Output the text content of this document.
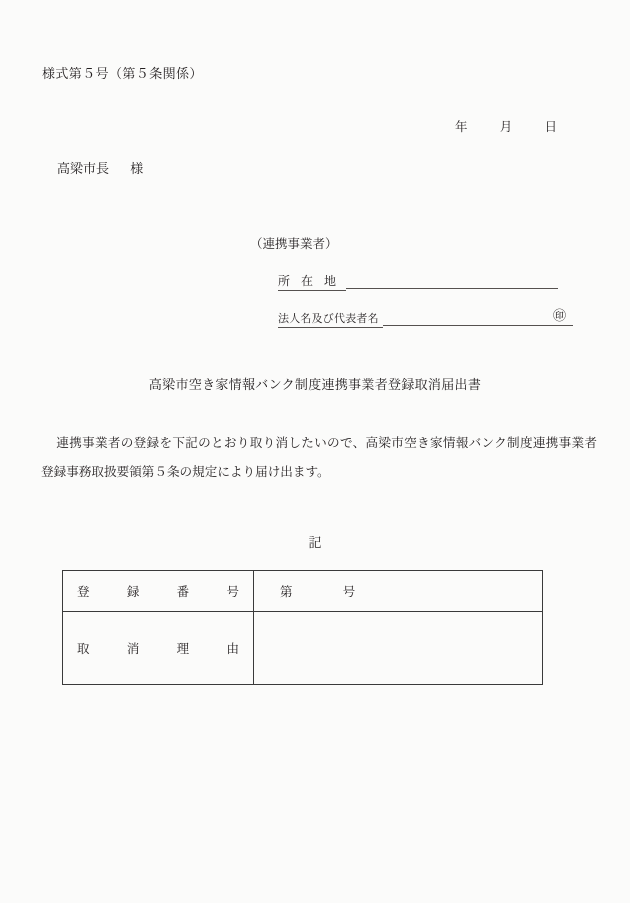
様式第５号（第５条関係）
年	月	日
高梁市長 様
（連携事業者）
所 在 地
法人名及び代表者名	㊞
高梁市空き家情報バンク制度連携事業者登録取消届出書
連携事業者の登録を下記のとおり取り消したいので、高梁市空き家情報バンク制度連携事業者登録事務取扱要領第５条の規定により届け出ます。
記
登録番号	第 号
取消理由	
